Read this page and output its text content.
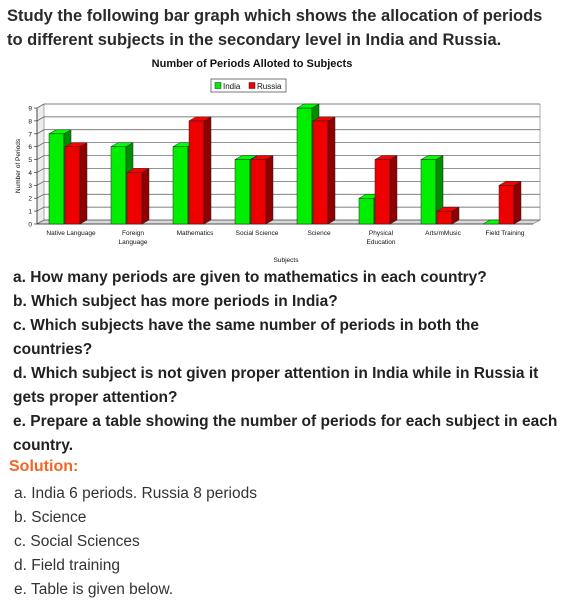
Study the following bar graph which shows the allocation of periods to different subjects in the secondary level in India and Russia.

Number of Periods Alloted to Subjects
India Russia
0
1
2
3
4
5
6
7
8
9
Native Language	Foreign
Language
Mathematics	Social Science	Science	Physical
Education
Arts/mMusic	Field Training
Subjects
Number of Periods
a. How many periods are given to mathematics in each country?
b. Which subject has more periods in India?
c. Which subjects have the same number of periods in both the countries?
d. Which subject is not given proper attention in India while in Russia it gets proper attention?
e. Prepare a table showing the number of periods for each subject in each country.

Solution:

a. India 6 periods. Russia 8 periods
b. Science
c. Social Sciences
d. Field training
e. Table is given below.
